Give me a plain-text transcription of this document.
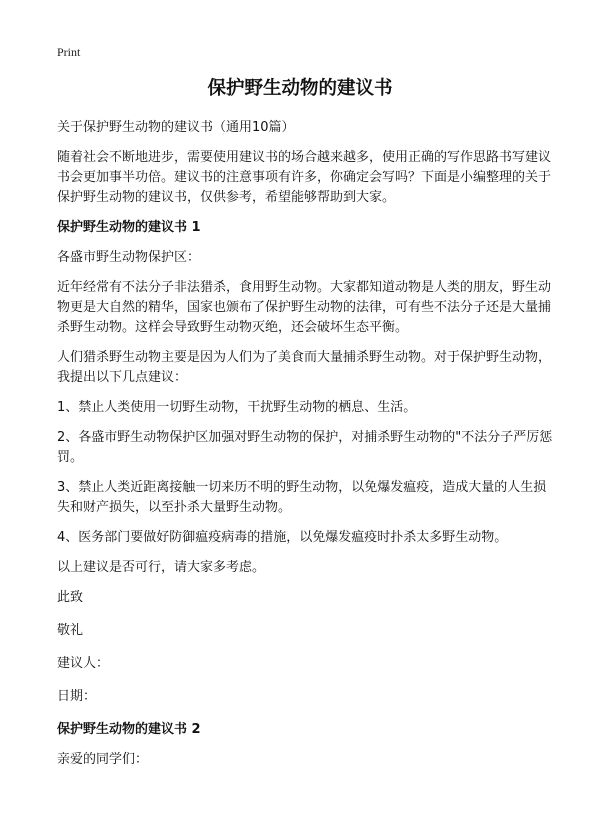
Print
保护野生动物的建议书

关于保护野生动物的建议书（通用10篇）

随着社会不断地进步，需要使用建议书的场合越来越多，使用正确的写作思路书写建议书会更加事半功倍。建议书的注意事项有许多，你确定会写吗？下面是小编整理的关于保护野生动物的建议书，仅供参考，希望能够帮助到大家。

保护野生动物的建议书 1

各盛市野生动物保护区：

近年经常有不法分子非法猎杀，食用野生动物。大家都知道动物是人类的朋友，野生动物更是大自然的精华，国家也颁布了保护野生动物的法律，可有些不法分子还是大量捕杀野生动物。这样会导致野生动物灭绝，还会破坏生态平衡。

人们猎杀野生动物主要是因为人们为了美食而大量捕杀野生动物。对于保护野生动物，我提出以下几点建议：

1、禁止人类使用一切野生动物，干扰野生动物的栖息、生活。

2、各盛市野生动物保护区加强对野生动物的保护，对捕杀野生动物的"不法分子严厉惩罚。

3、禁止人类近距离接触一切来历不明的野生动物，以免爆发瘟疫，造成大量的人生损失和财产损失，以至扑杀大量野生动物。

4、医务部门要做好防御瘟疫病毒的措施，以免爆发瘟疫时扑杀太多野生动物。

以上建议是否可行，请大家多考虑。

此致

敬礼

建议人：

日期：

保护野生动物的建议书 2

亲爱的同学们：
